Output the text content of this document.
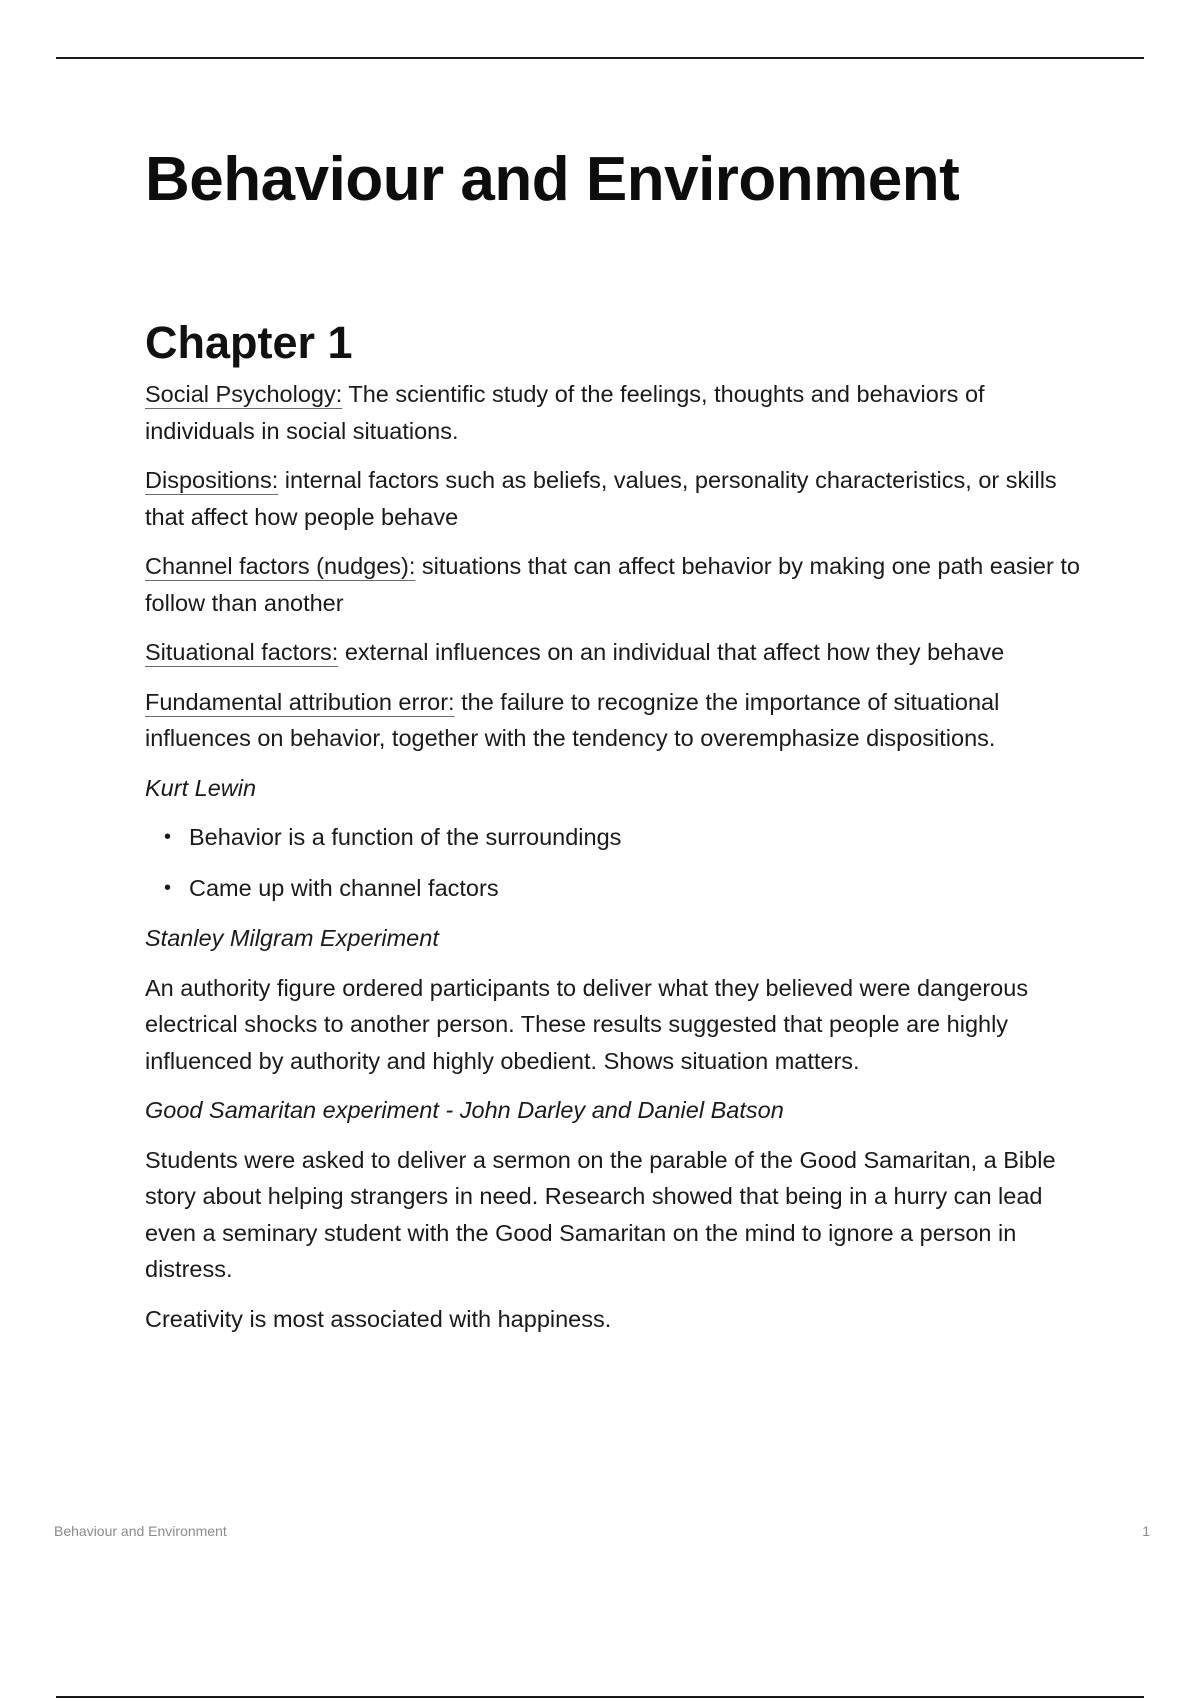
Behaviour and Environment
Chapter 1

Social Psychology: The scientific study of the feelings, thoughts and behaviors of individuals in social situations.

Dispositions: internal factors such as beliefs, values, personality characteristics, or skills that affect how people behave

Channel factors (nudges): situations that can affect behavior by making one path easier to follow than another

Situational factors: external influences on an individual that affect how they behave

Fundamental attribution error: the failure to recognize the importance of situational influences on behavior, together with the tendency to overemphasize dispositions.

Kurt Lewin

• Behavior is a function of the surroundings
• Came up with channel factors

Stanley Milgram Experiment

An authority figure ordered participants to deliver what they believed were dangerous electrical shocks to another person. These results suggested that people are highly influenced by authority and highly obedient. Shows situation matters.

Good Samaritan experiment - John Darley and Daniel Batson

Students were asked to deliver a sermon on the parable of the Good Samaritan, a Bible story about helping strangers in need. Research showed that being in a hurry can lead even a seminary student with the Good Samaritan on the mind to ignore a person in distress.

Creativity is most associated with happiness.

Behaviour and Environment	1
